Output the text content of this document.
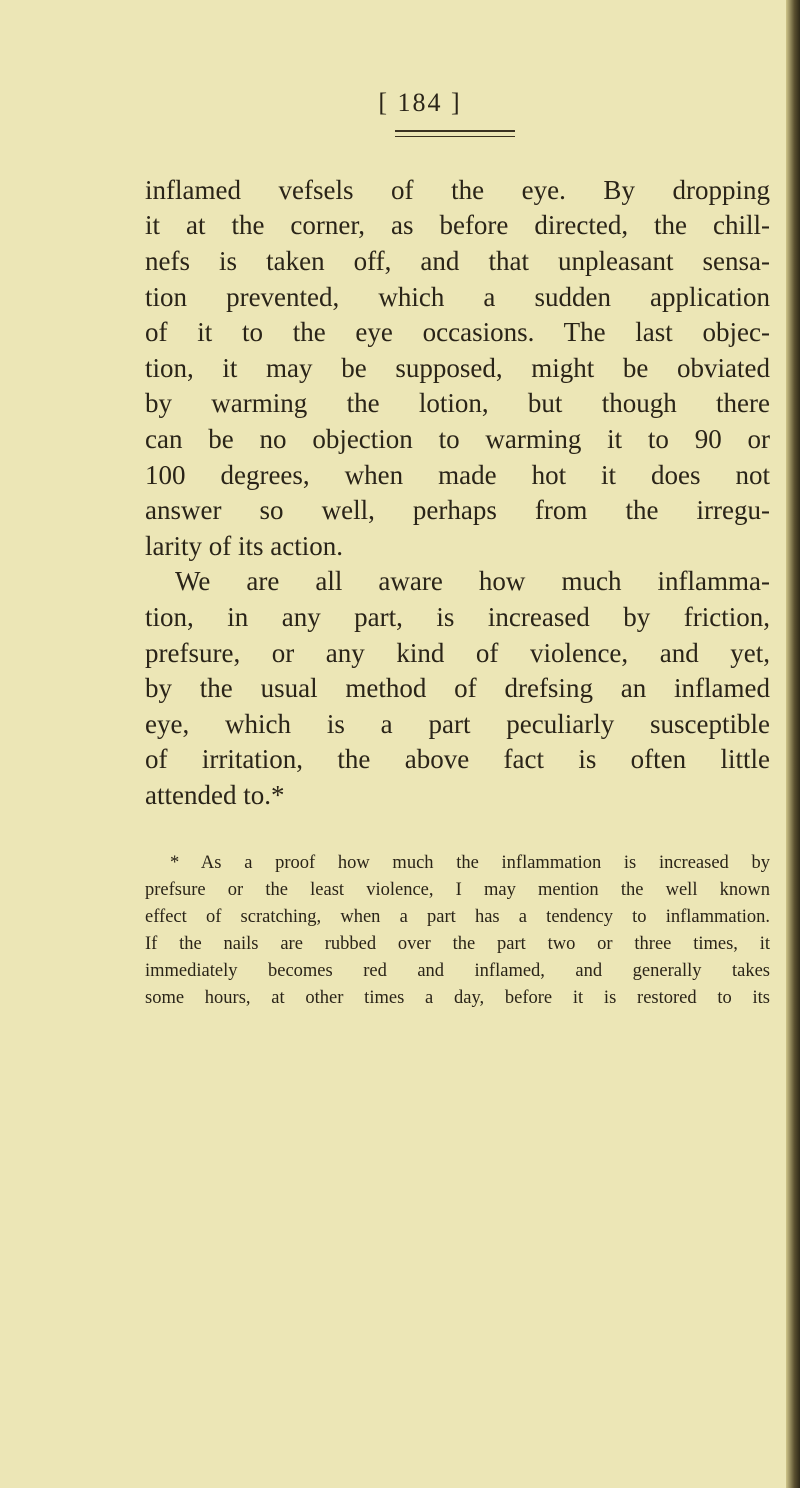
[ 184 ]
inflamed vefsels of the eye. By dropping
it at the corner, as before directed, the chill-
nefs is taken off, and that unpleasant sensa-
tion prevented, which a sudden application
of it to the eye occasions. The last objec-
tion, it may be supposed, might be obviated
by warming the lotion, but though there
can be no objection to warming it to 90 or
100 degrees, when made hot it does not
answer so well, perhaps from the irregu-
larity of its action.
We are all aware how much inflamma-
tion, in any part, is increased by friction,
prefsure, or any kind of violence, and yet,
by the usual method of drefsing an inflamed
eye, which is a part peculiarly susceptible
of irritation, the above fact is often little
attended to.*
* As a proof how much the inflammation is increased by
prefsure or the least violence, I may mention the well known
effect of scratching, when a part has a tendency to inflammation.
If the nails are rubbed over the part two or three times, it
immediately becomes red and inflamed, and generally takes
some hours, at other times a day, before it is restored to its
